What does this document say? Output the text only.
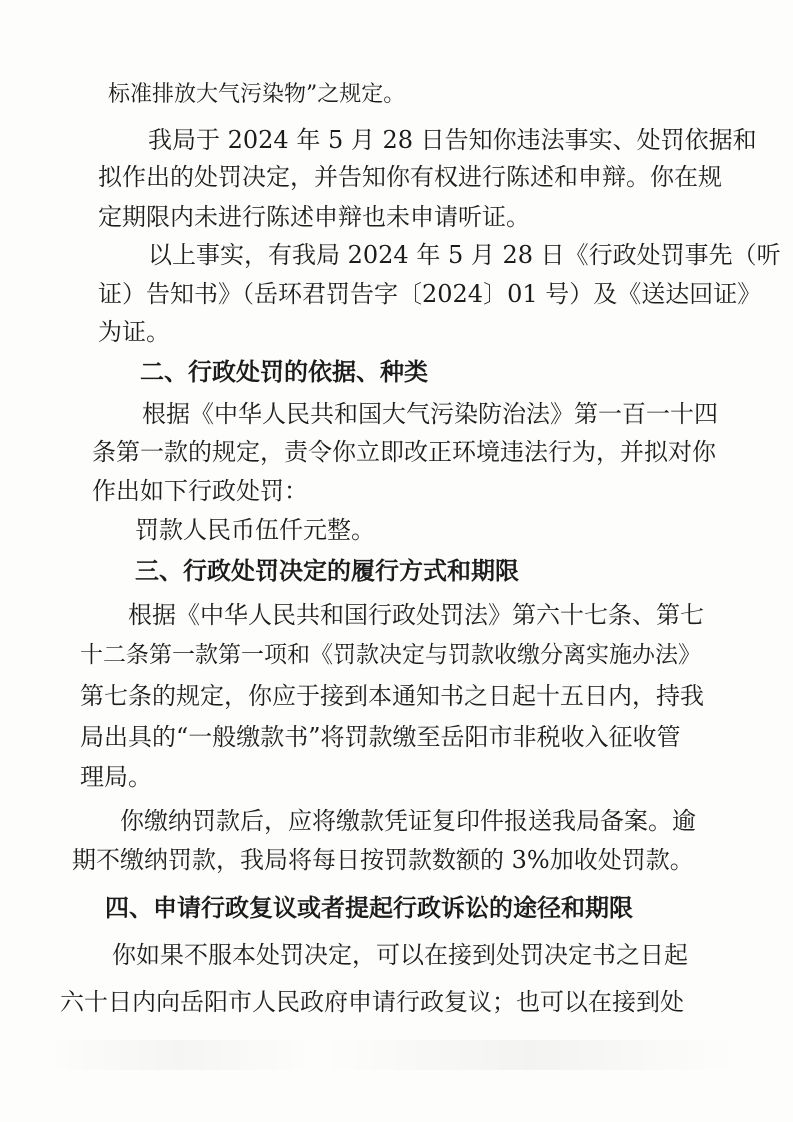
标准排放大气污染物”之规定。
我局于 2024 年 5 月 28 日告知你违法事实、处罚依据和
拟作出的处罚决定，并告知你有权进行陈述和申辩。你在规
定期限内未进行陈述申辩也未申请听证。
以上事实，有我局 2024 年 5 月 28 日《行政处罚事先（听
证）告知书》（岳环君罚告字〔2024〕01 号）及《送达回证》
为证。
二、行政处罚的依据、种类
根据《中华人民共和国大气污染防治法》第一百一十四
条第一款的规定，责令你立即改正环境违法行为，并拟对你
作出如下行政处罚：
罚款人民币伍仟元整。
三、行政处罚决定的履行方式和期限
根据《中华人民共和国行政处罚法》第六十七条、第七
十二条第一款第一项和《罚款决定与罚款收缴分离实施办法》
第七条的规定，你应于接到本通知书之日起十五日内，持我
局出具的“一般缴款书”将罚款缴至岳阳市非税收入征收管
理局。
你缴纳罚款后，应将缴款凭证复印件报送我局备案。逾
期不缴纳罚款，我局将每日按罚款数额的 3%加收处罚款。
四、申请行政复议或者提起行政诉讼的途径和期限
你如果不服本处罚决定，可以在接到处罚决定书之日起
六十日内向岳阳市人民政府申请行政复议；也可以在接到处
